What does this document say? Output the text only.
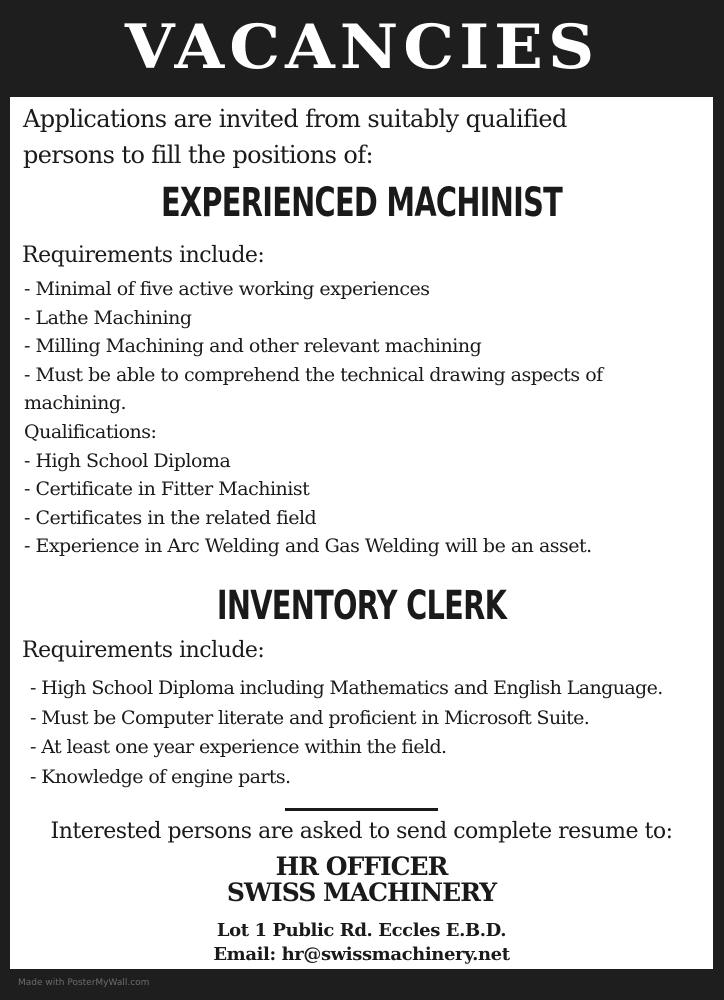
VACANCIES
Applications are invited from suitably qualified
persons to fill the positions of:
EXPERIENCED MACHINIST
Requirements include:
- Minimal of five active working experiences
- Lathe Machining
- Milling Machining and other relevant machining
- Must be able to comprehend the technical drawing aspects of
machining.
Qualifications:
- High School Diploma
- Certificate in Fitter Machinist
- Certificates in the related field
- Experience in Arc Welding and Gas Welding will be an asset.
INVENTORY CLERK
Requirements include:
- High School Diploma including Mathematics and English Language.
- Must be Computer literate and proficient in Microsoft Suite.
- At least one year experience within the field.
- Knowledge of engine parts.
Interested persons are asked to send complete resume to:
HR OFFICER
SWISS MACHINERY
Lot 1 Public Rd. Eccles E.B.D.
Email: hr@swissmachinery.net
Made with PosterMyWall.com
